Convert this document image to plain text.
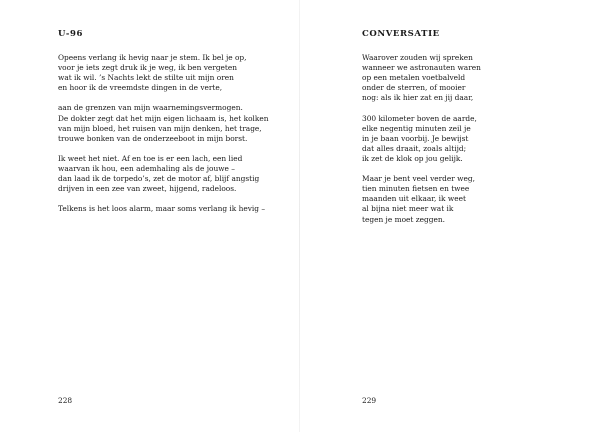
U-96
Opeens verlang ik hevig naar je stem. Ik bel je op,
voor je iets zegt druk ik je weg, ik ben vergeten
wat ik wil. ’s Nachts lekt de stilte uit mijn oren
en hoor ik de vreemdste dingen in de verte,
aan de grenzen van mijn waarnemingsvermogen.
De dokter zegt dat het mijn eigen lichaam is, het kolken
van mijn bloed, het ruisen van mijn denken, het trage,
trouwe bonken van de onderzeeboot in mijn borst.
Ik weet het niet. Af en toe is er een lach, een lied
waarvan ik hou, een ademhaling als de jouwe –
dan laad ik de torpedo’s, zet de motor af, blijf angstig
drijven in een zee van zweet, hijgend, radeloos.
Telkens is het loos alarm, maar soms verlang ik hevig –
228
CONVERSATIE
Waarover zouden wij spreken
wanneer we astronauten waren
op een metalen voetbalveld
onder de sterren, of mooier
nog: als ik hier zat en jij daar,
300 kilometer boven de aarde,
elke negentig minuten zeil je
in je baan voorbij. Je bewijst
dat alles draait, zoals altijd;
ik zet de klok op jou gelijk.
Maar je bent veel verder weg,
tien minuten fietsen en twee
maanden uit elkaar, ik weet
al bijna niet meer wat ik
tegen je moet zeggen.
229
